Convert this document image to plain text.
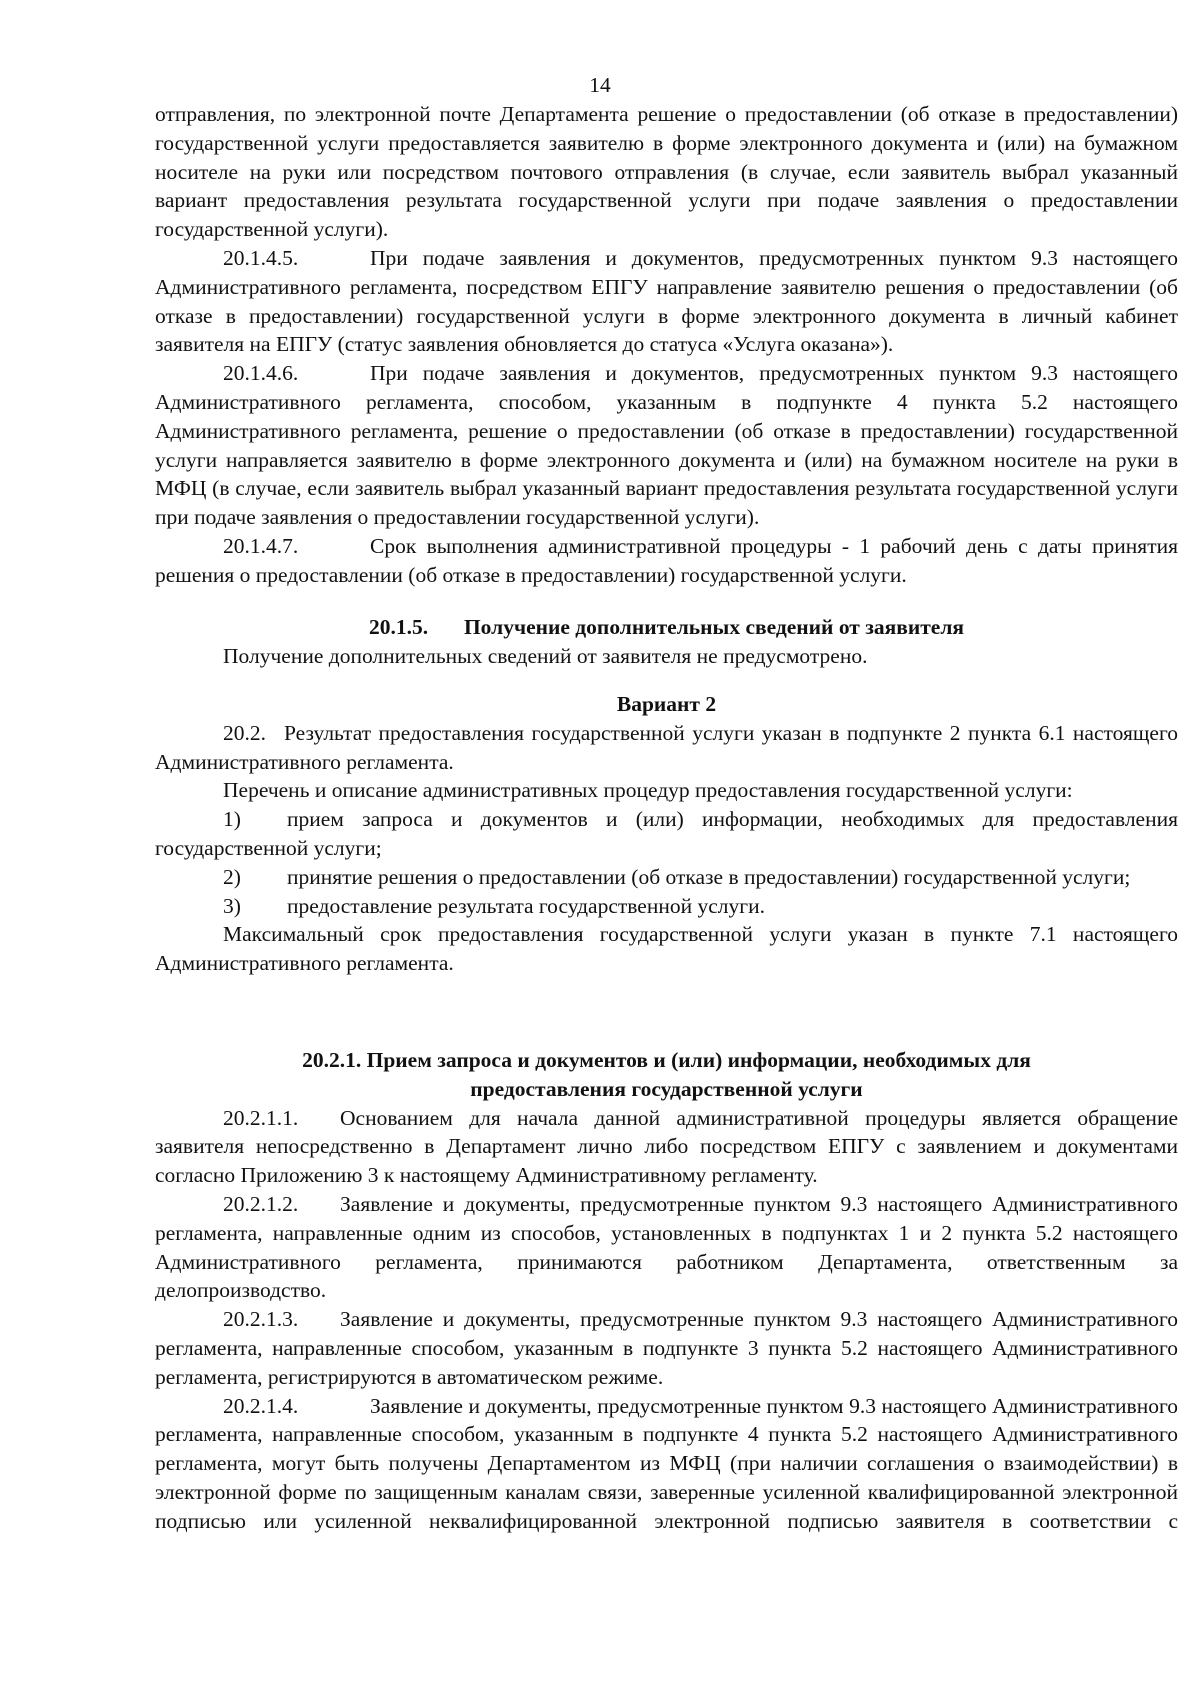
14

отправления, по электронной почте Департамента решение о предоставлении (об отказе в предоставлении) государственной услуги предоставляется заявителю в форме электронного документа и (или) на бумажном носителе на руки или посредством почтового отправления (в случае, если заявитель выбрал указанный вариант предоставления результата государственной услуги при подаче заявления о предоставлении государственной услуги).

20.1.4.5.	При подаче заявления и документов, предусмотренных пунктом 9.3 настоящего Административного регламента, посредством ЕПГУ направление заявителю решения о предоставлении (об отказе в предоставлении) государственной услуги в форме электронного документа в личный кабинет заявителя на ЕПГУ (статус заявления обновляется до статуса «Услуга оказана»).

20.1.4.6.	При подаче заявления и документов, предусмотренных пунктом 9.3 настоящего Административного регламента, способом, указанным в подпункте 4 пункта 5.2 настоящего Административного регламента, решение о предоставлении (об отказе в предоставлении) государственной услуги направляется заявителю в форме электронного документа и (или) на бумажном носителе на руки в МФЦ (в случае, если заявитель выбрал указанный вариант предоставления результата государственной услуги при подаче заявления о предоставлении государственной услуги).

20.1.4.7.	Срок выполнения административной процедуры - 1 рабочий день с даты принятия решения о предоставлении (об отказе в предоставлении) государственной услуги.

20.1.5. Получение дополнительных сведений от заявителя

Получение дополнительных сведений от заявителя не предусмотрено.

Вариант 2

20.2. Результат предоставления государственной услуги указан в подпункте 2 пункта 6.1 настоящего Административного регламента.

Перечень и описание административных процедур предоставления государственной услуги:

1) прием запроса и документов и (или) информации, необходимых для предоставления государственной услуги;

2) принятие решения о предоставлении (об отказе в предоставлении) государственной услуги;

3) предоставление результата государственной услуги.

Максимальный срок предоставления государственной услуги указан в пункте 7.1 настоящего Административного регламента.

20.2.1. Прием запроса и документов и (или) информации, необходимых для

предоставления государственной услуги

20.2.1.1. Основанием для начала данной административной процедуры является обращение заявителя непосредственно в Департамент лично либо посредством ЕПГУ с заявлением и документами согласно Приложению 3 к настоящему Административному регламенту.

20.2.1.2. Заявление и документы, предусмотренные пунктом 9.3 настоящего Административного регламента, направленные одним из способов, установленных в подпунктах 1 и 2 пункта 5.2 настоящего Административного регламента, принимаются работником Департамента, ответственным за делопроизводство.

20.2.1.3. Заявление и документы, предусмотренные пунктом 9.3 настоящего Административного регламента, направленные способом, указанным в подпункте 3 пункта 5.2 настоящего Административного регламента, регистрируются в автоматическом режиме.

20.2.1.4.	Заявление и документы, предусмотренные пунктом 9.3 настоящего Административного регламента, направленные способом, указанным в подпункте 4 пункта 5.2 настоящего Административного регламента, могут быть получены Департаментом из МФЦ (при наличии соглашения о взаимодействии) в электронной форме по защищенным каналам связи, заверенные усиленной квалифицированной электронной подписью или усиленной неквалифицированной электронной подписью заявителя в соответствии с
